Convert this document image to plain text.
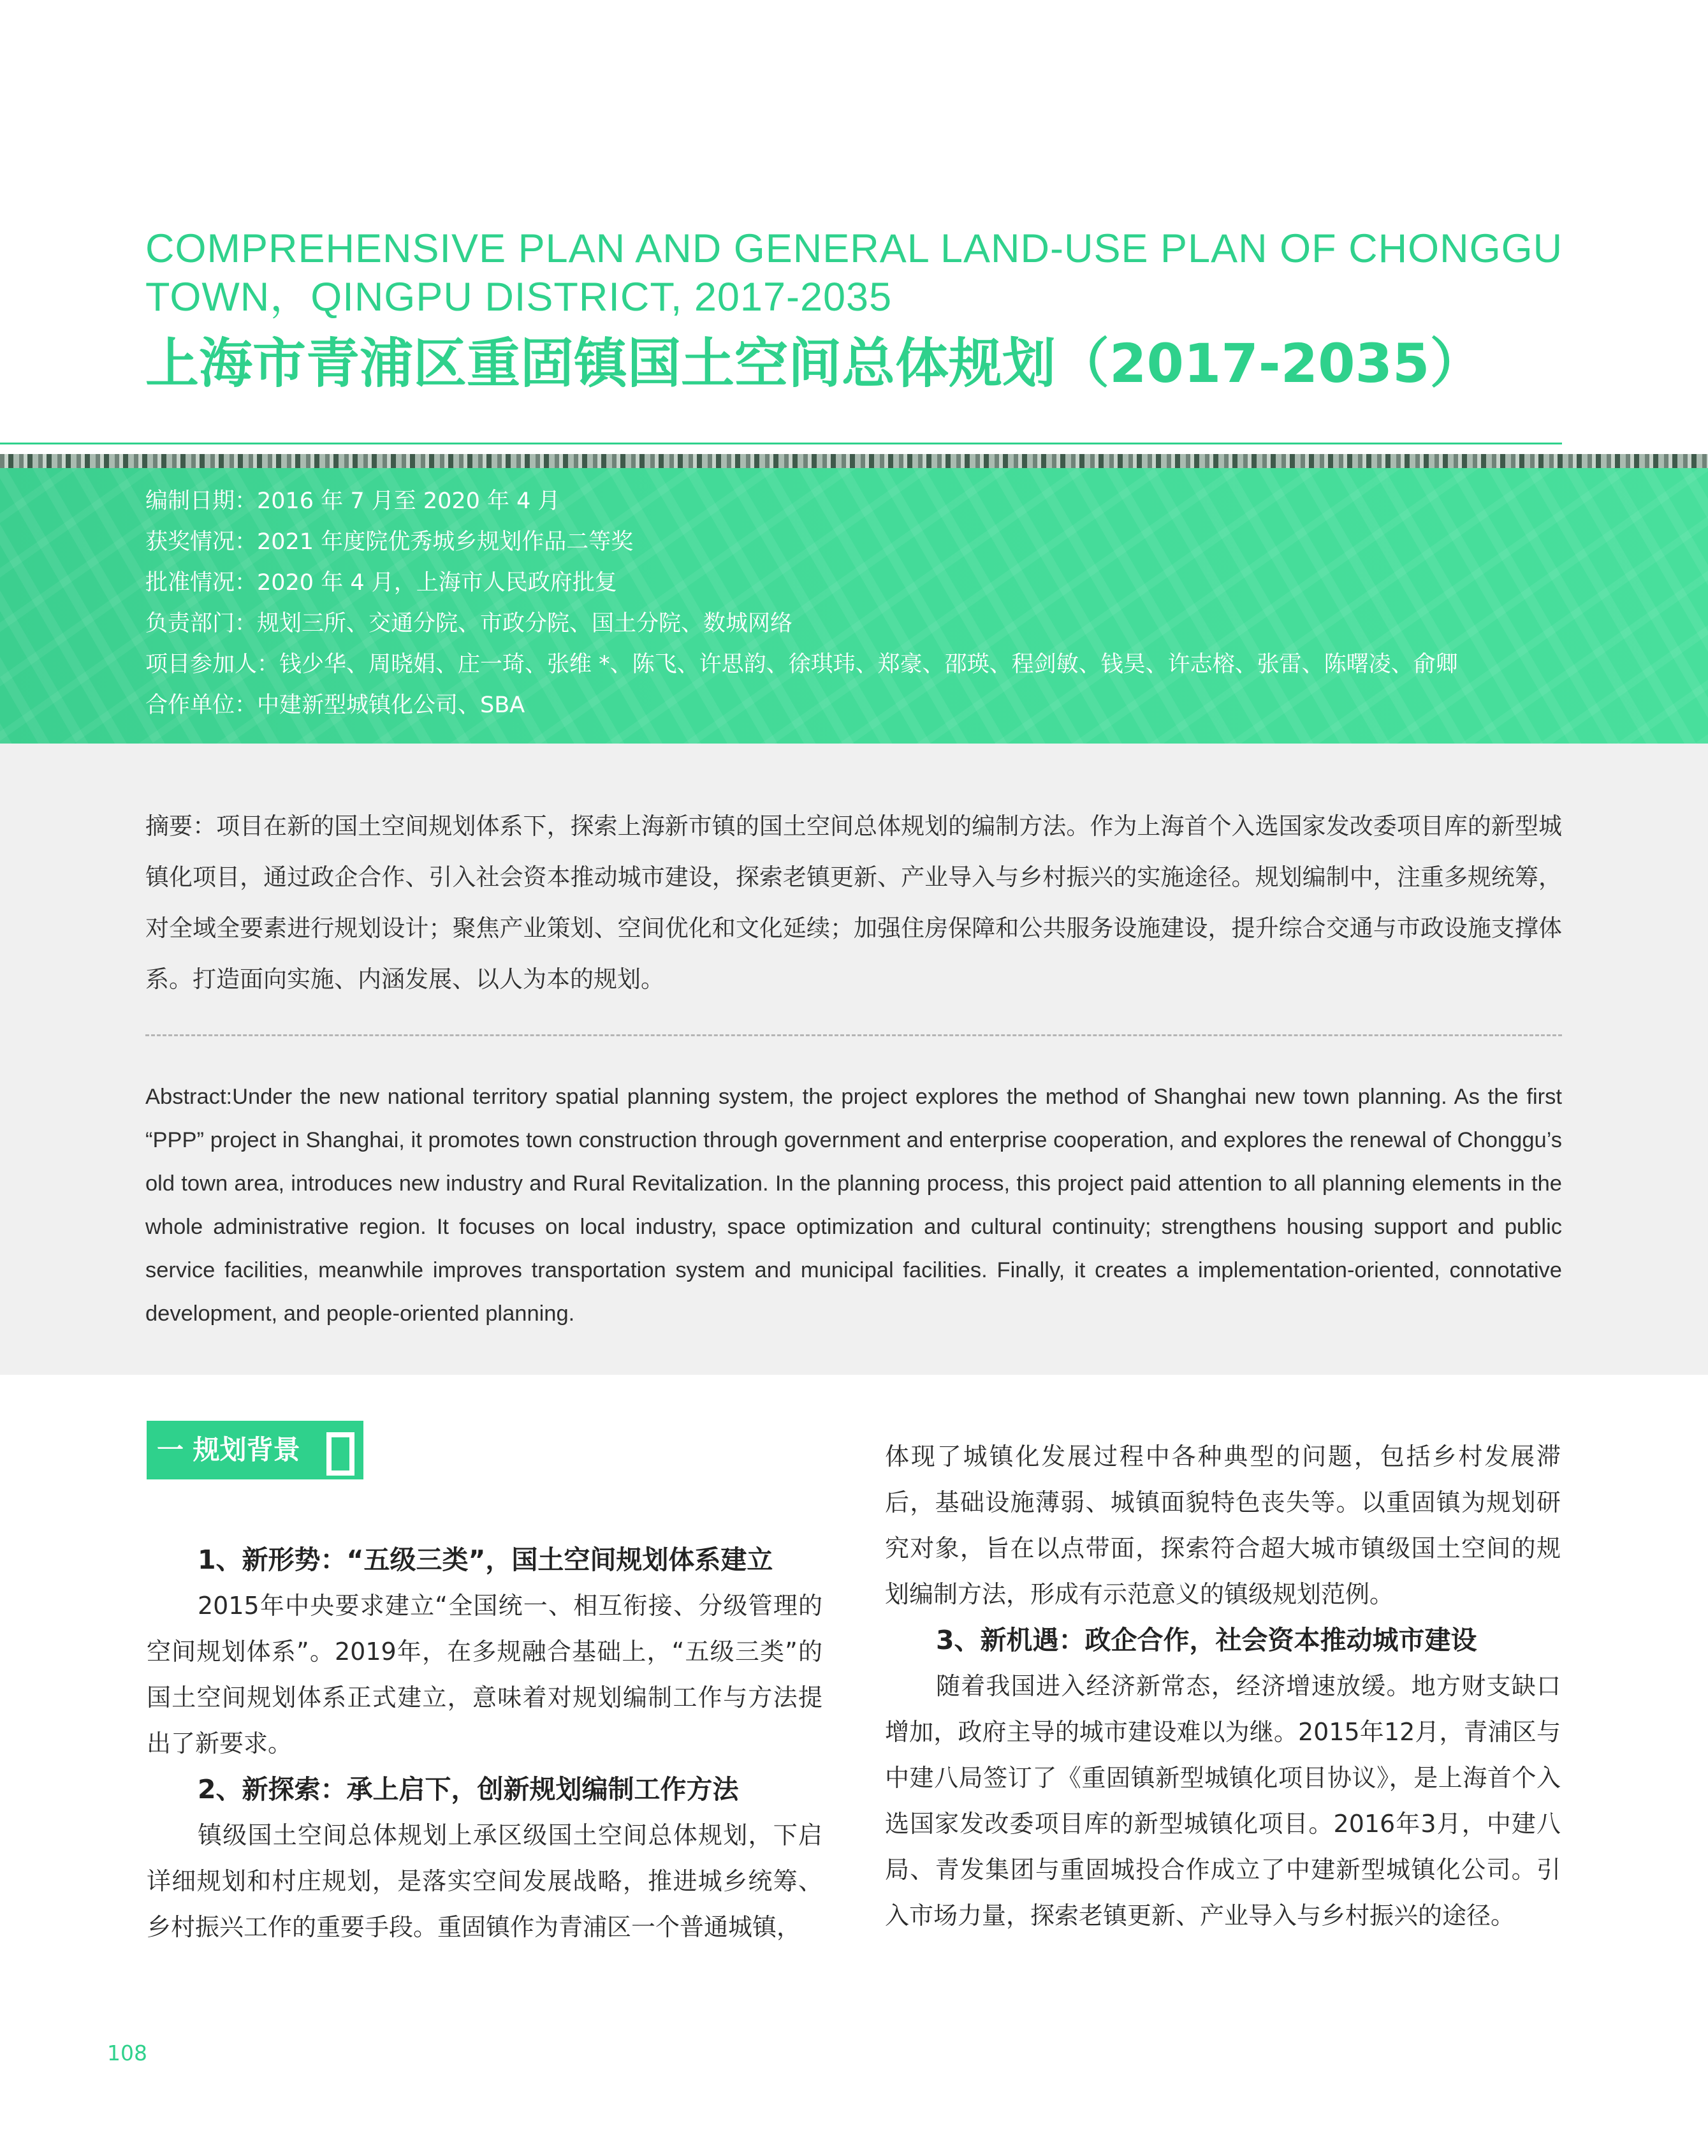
COMPREHENSIVE PLAN AND GENERAL LAND-USE PLAN OF CHONGGU TOWN，QINGPU DISTRICT, 2017-2035
上海市青浦区重固镇国土空间总体规划（2017-2035）
编制日期：2016 年 7 月至 2020 年 4 月
获奖情况：2021 年度院优秀城乡规划作品二等奖
批准情况：2020 年 4 月，上海市人民政府批复
负责部门：规划三所、交通分院、市政分院、国土分院、数城网络
项目参加人：钱少华、周晓娟、庄一琦、张维 *、陈飞、许思韵、徐琪玮、郑豪、邵瑛、程剑敏、钱昊、许志榕、张雷、陈曙凌、俞卿
合作单位：中建新型城镇化公司、SBA

摘要：项目在新的国土空间规划体系下，探索上海新市镇的国土空间总体规划的编制方法。作为上海首个入选国家发改委项目库的新型城镇化项目，通过政企合作、引入社会资本推动城市建设，探索老镇更新、产业导入与乡村振兴的实施途径。规划编制中，注重多规统筹，对全域全要素进行规划设计；聚焦产业策划、空间优化和文化延续；加强住房保障和公共服务设施建设，提升综合交通与市政设施支撑体系。打造面向实施、内涵发展、以人为本的规划。

Abstract:Under the new national territory spatial planning system, the project explores the method of Shanghai new town planning. As the first “PPP” project in Shanghai, it promotes town construction through government and enterprise cooperation, and explores the renewal of Chonggu’s old town area, introduces new industry and Rural Revitalization. In the planning process, this project paid attention to all planning elements in the whole administrative region. It focuses on local industry, space optimization and cultural continuity; strengthens housing support and public service facilities, meanwhile improves transportation system and municipal facilities. Finally, it creates a implementation-oriented, connotative development, and people-oriented planning.

一 规划背景
1、新形势：“五级三类”，国土空间规划体系建立

2015年中央要求建立“全国统一、相互衔接、分级管理的空间规划体系”。2019年，在多规融合基础上，“五级三类”的国土空间规划体系正式建立，意味着对规划编制工作与方法提出了新要求。

2、新探索：承上启下，创新规划编制工作方法

镇级国土空间总体规划上承区级国土空间总体规划，下启详细规划和村庄规划，是落实空间发展战略，推进城乡统筹、乡村振兴工作的重要手段。重固镇作为青浦区一个普通城镇，

体现了城镇化发展过程中各种典型的问题，包括乡村发展滞后，基础设施薄弱、城镇面貌特色丧失等。以重固镇为规划研究对象，旨在以点带面，探索符合超大城市镇级国土空间的规划编制方法，形成有示范意义的镇级规划范例。

3、新机遇：政企合作，社会资本推动城市建设

随着我国进入经济新常态，经济增速放缓。地方财支缺口增加，政府主导的城市建设难以为继。2015年12月，青浦区与中建八局签订了《重固镇新型城镇化项目协议》，是上海首个入选国家发改委项目库的新型城镇化项目。2016年3月，中建八局、青发集团与重固城投合作成立了中建新型城镇化公司。引入市场力量，探索老镇更新、产业导入与乡村振兴的途径。

108
